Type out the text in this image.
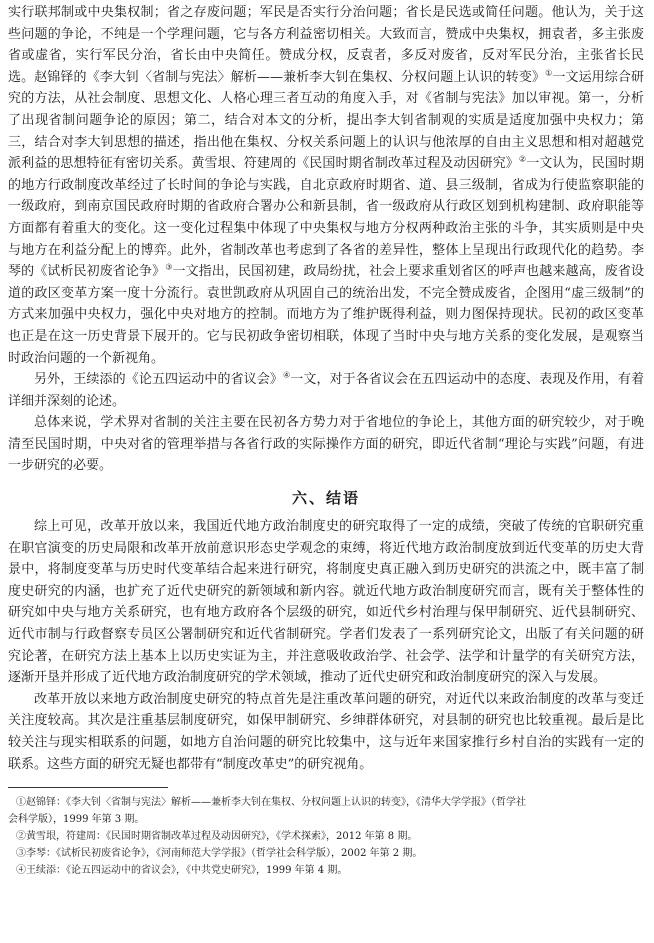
实行联邦制或中央集权制；省之存废问题；军民是否实行分治问题；省长是民选或简任问题。他认为，关于这些问题的争论，不纯是一个学理问题，它与各方利益密切相关。大致而言，赞成中央集权，拥袁者，多主张废省或虚省，实行军民分治，省长由中央简任。赞成分权，反袁者，多反对废省，反对军民分治，主张省长民选。赵锦铎的《李大钊〈省制与宪法〉解析——兼析李大钊在集权、分权问题上认识的转变》①一文运用综合研究的方法，从社会制度、思想文化、人格心理三者互动的角度入手，对《省制与宪法》加以审视。第一，分析了出现省制问题争论的原因；第二，结合对本文的分析，提出李大钊省制观的实质是适度加强中央权力；第三，结合对李大钊思想的描述，指出他在集权、分权关系问题上的认识与他浓厚的自由主义思想和相对超越党派利益的思想特征有密切关系。黄雪垠、符建周的《民国时期省制改革过程及动因研究》②一文认为，民国时期的地方行政制度改革经过了长时间的争论与实践，自北京政府时期省、道、县三级制，省成为行使监察职能的一级政府，到南京国民政府时期的省政府合署办公和新县制，省一级政府从行政区划到机构建制、政府职能等方面都有着重大的变化。这一变化过程集中体现了中央集权与地方分权两种政治主张的斗争，其实质则是中央与地方在利益分配上的博弈。此外，省制改革也考虑到了各省的差异性，整体上呈现出行政现代化的趋势。李琴的《试析民初废省论争》③一文指出，民国初建，政局纷扰，社会上要求重划省区的呼声也越来越高，废省设道的政区变革方案一度十分流行。袁世凯政府从巩固自己的统治出发，不完全赞成废省，企图用“虚三级制”的方式来加强中央权力，强化中央对地方的控制。而地方为了维护既得利益，则力图保持现状。民初的政区变革也正是在这一历史背景下展开的。它与民初政争密切相联，体现了当时中央与地方关系的变化发展，是观察当时政治问题的一个新视角。

另外，王续添的《论五四运动中的省议会》④一文，对于各省议会在五四运动中的态度、表现及作用，有着详细并深刻的论述。

总体来说，学术界对省制的关注主要在民初各方势力对于省地位的争论上，其他方面的研究较少，对于晚清至民国时期，中央对省的管理举措与各省行政的实际操作方面的研究，即近代省制“理论与实践”问题，有进一步研究的必要。

六、结语

综上可见，改革开放以来，我国近代地方政治制度史的研究取得了一定的成绩，突破了传统的官职研究重在职官演变的历史局限和改革开放前意识形态史学观念的束缚，将近代地方政治制度放到近代变革的历史大背景中，将制度变革与历史时代变革结合起来进行研究，将制度史真正融入到历史研究的洪流之中，既丰富了制度史研究的内涵，也扩充了近代史研究的新领域和新内容。就近代地方政治制度研究而言，既有关于整体性的研究如中央与地方关系研究，也有地方政府各个层级的研究，如近代乡村治理与保甲制研究、近代县制研究、近代市制与行政督察专员区公署制研究和近代省制研究。学者们发表了一系列研究论文，出版了有关问题的研究论著，在研究方法上基本上以历史实证为主，并注意吸收政治学、社会学、法学和计量学的有关研究方法，逐渐开垦并形成了近代地方政治制度研究的学术领域，推动了近代史研究和政治制度研究的深入与发展。

改革开放以来地方政治制度史研究的特点首先是注重改革问题的研究，对近代以来政治制度的改革与变迁关注度较高。其次是注重基层制度研究，如保甲制研究、乡绅群体研究，对县制的研究也比较重视。最后是比较关注与现实相联系的问题，如地方自治问题的研究比较集中，这与近年来国家推行乡村自治的实践有一定的联系。这些方面的研究无疑也都带有“制度改革史”的研究视角。

①赵锦铎：《李大钊〈省制与宪法〉解析——兼析李大钊在集权、分权问题上认识的转变》，《清华大学学报》（哲学社

会科学版），1999 年第 3 期。

②黄雪垠，符建周：《民国时期省制改革过程及动因研究》，《学术探索》，2012 年第 8 期。

③李琴：《试析民初废省论争》，《河南师范大学学报》（哲学社会科学版），2002 年第 2 期。

④王续添：《论五四运动中的省议会》，《中共党史研究》，1999 年第 4 期。
